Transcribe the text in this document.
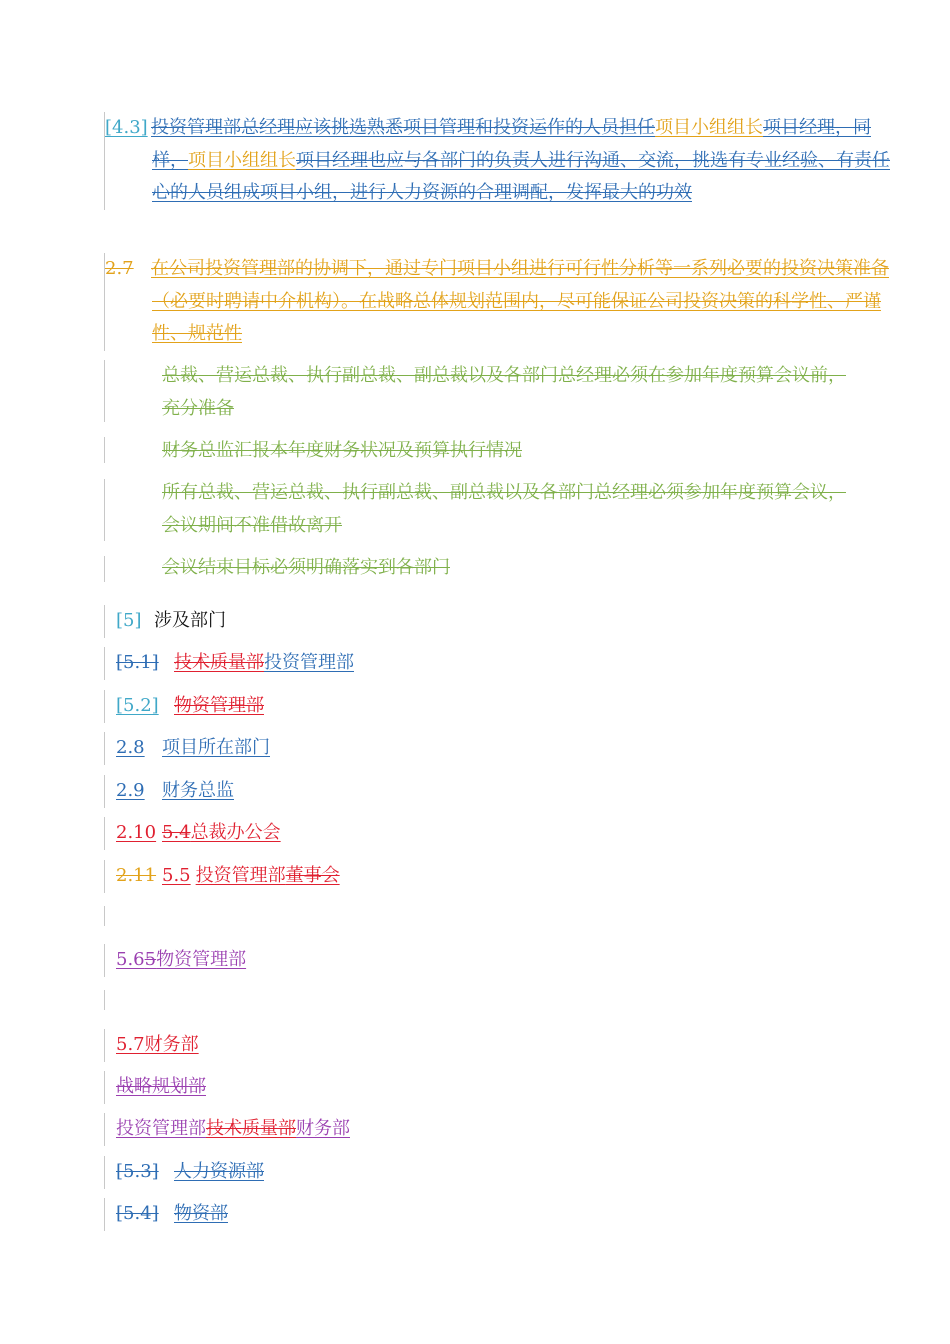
[4.3] 投资管理部总经理应该挑选熟悉项目管理和投资运作的人员担任项目小组组长项目经理，同样，项目小组组长项目经理也应与各部门的负责人进行沟通、交流，挑选有专业经验、有责任心的人员组成项目小组，进行人力资源的合理调配，发挥最大的功效
2.7 在公司投资管理部的协调下，通过专门项目小组进行可行性分析等一系列必要的投资决策准备（必要时聘请中介机构）。在战略总体规划范围内，尽可能保证公司投资决策的科学性、严谨性、规范性
总裁、营运总裁、执行副总裁、副总裁以及各部门总经理必须在参加年度预算会议前，充分准备
财务总监汇报本年度财务状况及预算执行情况
所有总裁、营运总裁、执行副总裁、副总裁以及各部门总经理必须参加年度预算会议，会议期间不准借故离开
会议结束目标必须明确落实到各部门
[5] 涉及部门
[5.1] 技术质量部投资管理部
[5.2] 物资管理部
2.8 项目所在部门
2.9 财务总监
2.10 5.4总裁办公会
2.11 5.5 投资管理部董事会
5.65物资管理部
5.7财务部
战略规划部
投资管理部技术质量部财务部
[5.3] 人力资源部
[5.4] 物资部
